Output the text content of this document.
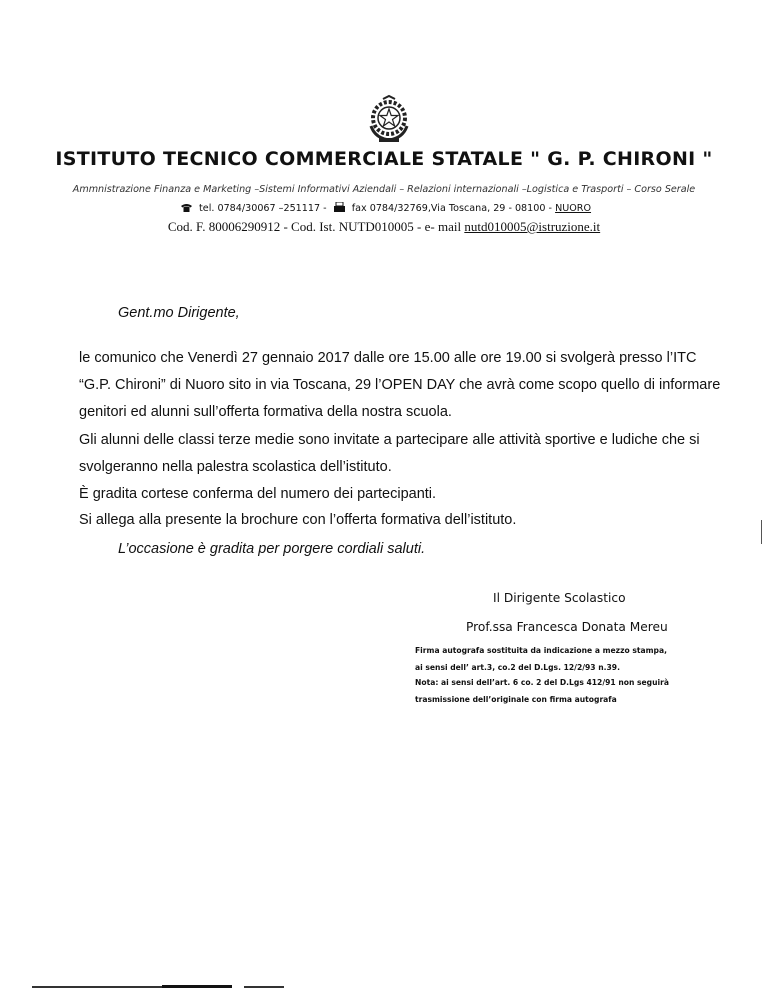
ISTITUTO TECNICO COMMERCIALE STATALE " G. P. CHIRONI "
Ammnistrazione Finanza e Marketing –Sistemi Informativi Aziendali – Relazioni internazionali –Logistica e Trasporti – Corso Serale
tel. 0784/30067 –251117 -	fax 0784/32769,Via Toscana, 29 - 08100 - NUORO
Cod. F. 80006290912 - Cod. Ist. NUTD010005 - e- mail nutd010005@istruzione.it
Gent.mo Dirigente,

le comunico che Venerdì 27 gennaio 2017 dalle ore 15.00 alle ore 19.00 si svolgerà presso l’ITC “G.P. Chironi” di Nuoro sito in via Toscana, 29 l’OPEN DAY che avrà come scopo quello di informare genitori ed alunni sull’offerta formativa della nostra scuola.

Gli alunni delle classi terze medie sono invitate a partecipare alle attività sportive e ludiche che si svolgeranno nella palestra scolastica dell’istituto.

È gradita cortese conferma del numero dei partecipanti.

Si allega alla presente la brochure con l’offerta formativa dell’istituto.

L’occasione è gradita per porgere cordiali saluti.
Il Dirigente Scolastico
Prof.ssa Francesca Donata Mereu

Firma autografa sostituita da indicazione a mezzo stampa,
ai sensi dell’ art.3, co.2 del D.Lgs. 12/2/93 n.39.

Nota: ai sensi dell’art. 6 co. 2 del D.Lgs 412/91 non seguirà
trasmissione dell’originale con firma autografa
